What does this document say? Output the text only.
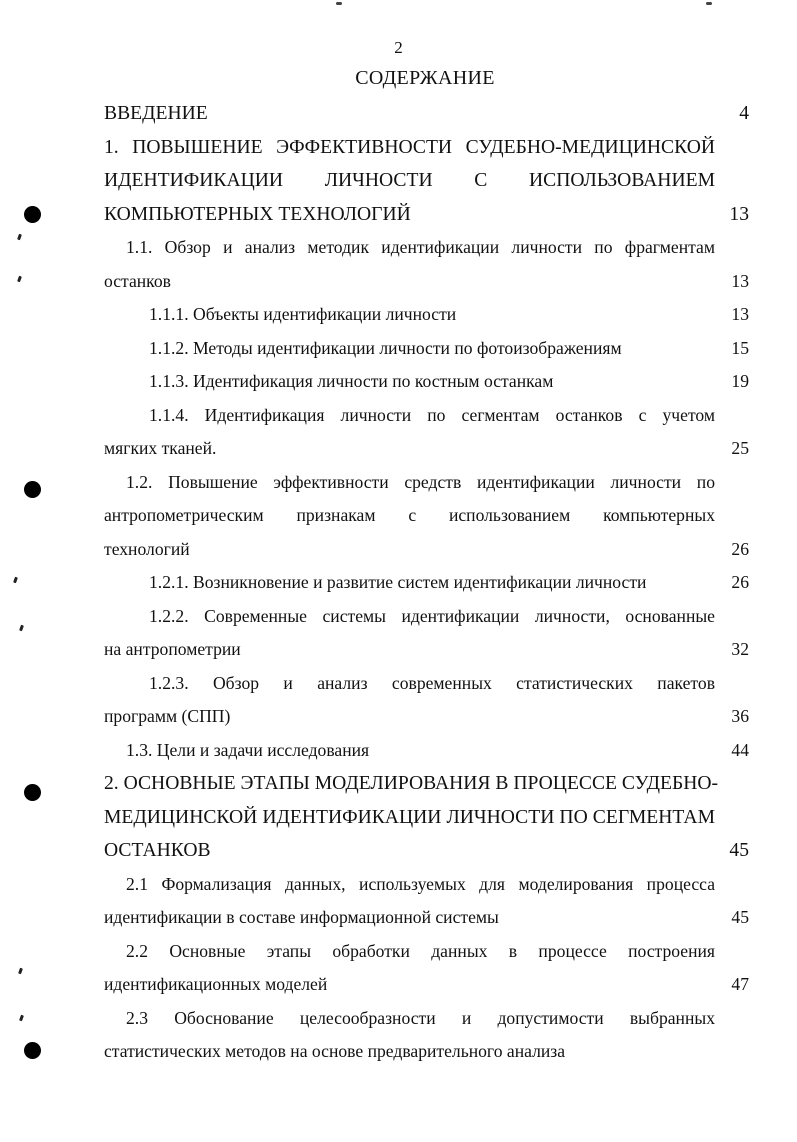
2
СОДЕРЖАНИЕ
ВВЕДЕНИЕ	4
1. ПОВЫШЕНИЕ ЭФФЕКТИВНОСТИ СУДЕБНО-МЕДИЦИНСКОЙ
ИДЕНТИФИКАЦИИ ЛИЧНОСТИ С ИСПОЛЬЗОВАНИЕМ
КОМПЬЮТЕРНЫХ ТЕХНОЛОГИЙ	13
1.1. Обзор и анализ методик идентификации личности по фрагментам
останков	13
1.1.1. Объекты идентификации личности	13
1.1.2. Методы идентификации личности по фотоизображениям	15
1.1.3. Идентификация личности по костным останкам	19
1.1.4. Идентификация личности по сегментам останков с учетом
мягких тканей.	25
1.2. Повышение эффективности средств идентификации личности по
антропометрическим признакам с использованием компьютерных
технологий	26
1.2.1. Возникновение и развитие систем идентификации личности	26
1.2.2. Современные системы идентификации личности, основанные
на антропометрии	32
1.2.3. Обзор и анализ современных статистических пакетов
программ (СПП)	36
1.3. Цели и задачи исследования	44
2. ОСНОВНЫЕ ЭТАПЫ МОДЕЛИРОВАНИЯ В ПРОЦЕССЕ СУДЕБНО-
МЕДИЦИНСКОЙ ИДЕНТИФИКАЦИИ ЛИЧНОСТИ ПО СЕГМЕНТАМ
ОСТАНКОВ	45
2.1 Формализация данных, используемых для моделирования процесса
идентификации в составе информационной системы	45
2.2 Основные этапы обработки данных в процессе построения
идентификационных моделей	47
2.3 Обоснование целесообразности и допустимости выбранных
статистических методов на основе предварительного анализа
